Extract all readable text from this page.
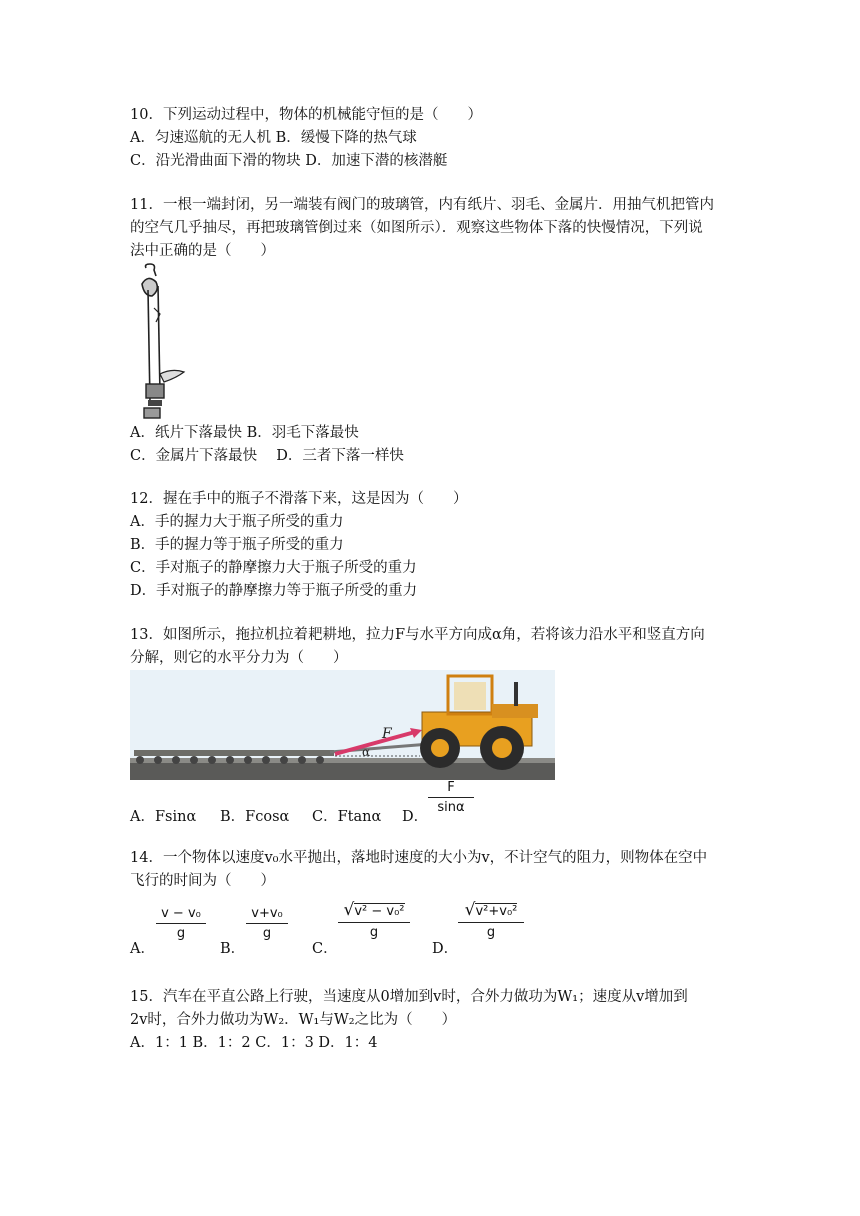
10．下列运动过程中，物体的机械能守恒的是（　　）
A．匀速巡航的无人机 B．缓慢下降的热气球
C．沿光滑曲面下滑的物块 D．加速下潜的核潜艇
11．一根一端封闭，另一端装有阀门的玻璃管，内有纸片、羽毛、金属片．用抽气机把管内
的空气几乎抽尽，再把玻璃管倒过来（如图所示）．观察这些物体下落的快慢情况，下列说
法中正确的是（　　）
A．纸片下落最快 B．羽毛下落最快
C．金属片下落最快　 D．三者下落一样快
12．握在手中的瓶子不滑落下来，这是因为（　　）
A．手的握力大于瓶子所受的重力
B．手的握力等于瓶子所受的重力
C．手对瓶子的静摩擦力大于瓶子所受的重力
D．手对瓶子的静摩擦力等于瓶子所受的重力
13．如图所示，拖拉机拉着耙耕地，拉力F与水平方向成α角，若将该力沿水平和竖直方向
分解，则它的水平分力为（　　）
F
α
A．Fsinα B．Fcosα C．Ftanα D．
F
sinα
14．一个物体以速度v₀水平抛出，落地时速度的大小为v，不计空气的阻力，则物体在空中
飞行的时间为（　　）
A．
v − v₀
g
B．
v+v₀
g
C．
√v² − v₀²
g
D．
√v²+v₀²
g
15．汽车在平直公路上行驶，当速度从0增加到v时，合外力做功为W₁；速度从v增加到
2v时，合外力做功为W₂．W₁与W₂之比为（　　）
A．1：1 B．1：2 C．1：3 D．1：4
